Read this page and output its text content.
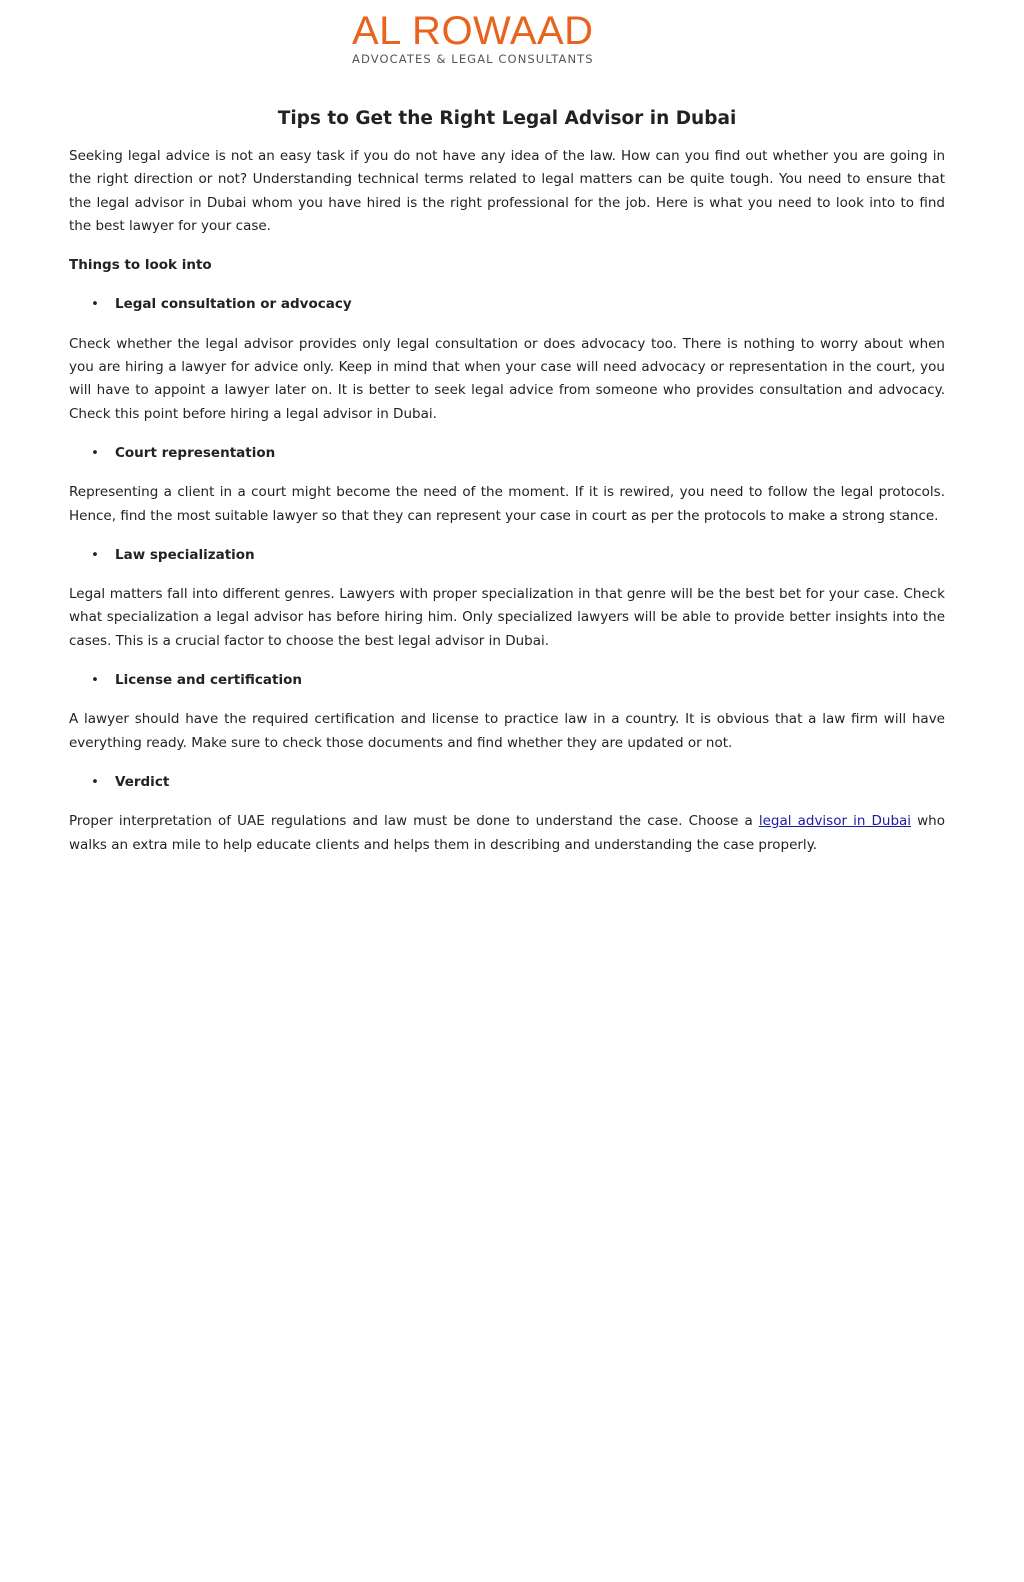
AL ROWAAD
ADVOCATES & LEGAL CONSULTANTS
Tips to Get the Right Legal Advisor in Dubai

Seeking legal advice is not an easy task if you do not have any idea of the law. How can you find out whether you are going in the right direction or not? Understanding technical terms related to legal matters can be quite tough. You need to ensure that the legal advisor in Dubai whom you have hired is the right professional for the job. Here is what you need to look into to find the best lawyer for your case.

Things to look into

• Legal consultation or advocacy

Check whether the legal advisor provides only legal consultation or does advocacy too. There is nothing to worry about when you are hiring a lawyer for advice only. Keep in mind that when your case will need advocacy or representation in the court, you will have to appoint a lawyer later on. It is better to seek legal advice from someone who provides consultation and advocacy. Check this point before hiring a legal advisor in Dubai.

• Court representation

Representing a client in a court might become the need of the moment. If it is rewired, you need to follow the legal protocols. Hence, find the most suitable lawyer so that they can represent your case in court as per the protocols to make a strong stance.

• Law specialization

Legal matters fall into different genres. Lawyers with proper specialization in that genre will be the best bet for your case. Check what specialization a legal advisor has before hiring him. Only specialized lawyers will be able to provide better insights into the cases. This is a crucial factor to choose the best legal advisor in Dubai.

• License and certification

A lawyer should have the required certification and license to practice law in a country. It is obvious that a law firm will have everything ready. Make sure to check those documents and find whether they are updated or not.

• Verdict

Proper interpretation of UAE regulations and law must be done to understand the case. Choose a legal advisor in Dubai who walks an extra mile to help educate clients and helps them in describing and understanding the case properly.
